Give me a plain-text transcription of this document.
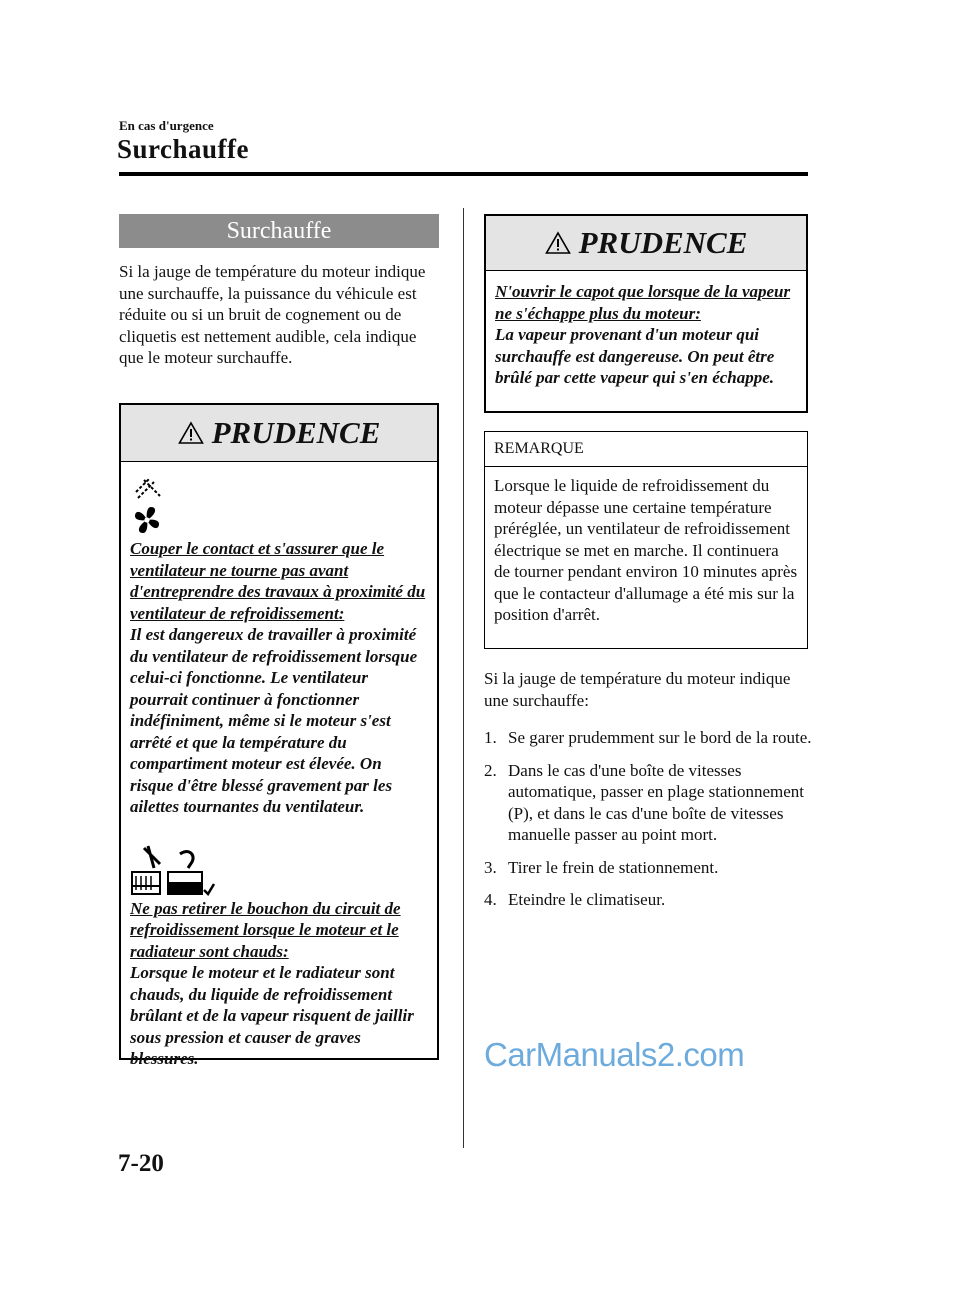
En cas d'urgence
Surchauffe
Surchauffe
Si la jauge de température du moteur indique une surchauffe, la puissance du véhicule est réduite ou si un bruit de cognement ou de cliquetis est nettement audible, cela indique que le moteur surchauffe.
PRUDENCE
Couper le contact et s'assurer que le ventilateur ne tourne pas avant d'entreprendre des travaux à proximité du ventilateur de refroidissement:
Il est dangereux de travailler à proximité du ventilateur de refroidissement lorsque celui-ci fonctionne. Le ventilateur pourrait continuer à fonctionner indéfiniment, même si le moteur s'est arrêté et que la température du compartiment moteur est élevée. On risque d'être blessé gravement par les ailettes tournantes du ventilateur.
Ne pas retirer le bouchon du circuit de refroidissement lorsque le moteur et le radiateur sont chauds:
Lorsque le moteur et le radiateur sont chauds, du liquide de refroidissement brûlant et de la vapeur risquent de jaillir sous pression et causer de graves blessures.
PRUDENCE
N'ouvrir le capot que lorsque de la vapeur ne s'échappe plus du moteur:
La vapeur provenant d'un moteur qui surchauffe est dangereuse. On peut être brûlé par cette vapeur qui s'en échappe.
REMARQUE
Lorsque le liquide de refroidissement du moteur dépasse une certaine température préréglée, un ventilateur de refroidissement électrique se met en marche. Il continuera de tourner pendant environ 10 minutes après que le contacteur d'allumage a été mis sur la position d'arrêt.
Si la jauge de température du moteur indique une surchauffe:
1. Se garer prudemment sur le bord de la route.
2. Dans le cas d'une boîte de vitesses automatique, passer en plage stationnement (P), et dans le cas d'une boîte de vitesses manuelle passer au point mort.
3. Tirer le frein de stationnement.
4. Eteindre le climatiseur.
CarManuals2.com
7-20
